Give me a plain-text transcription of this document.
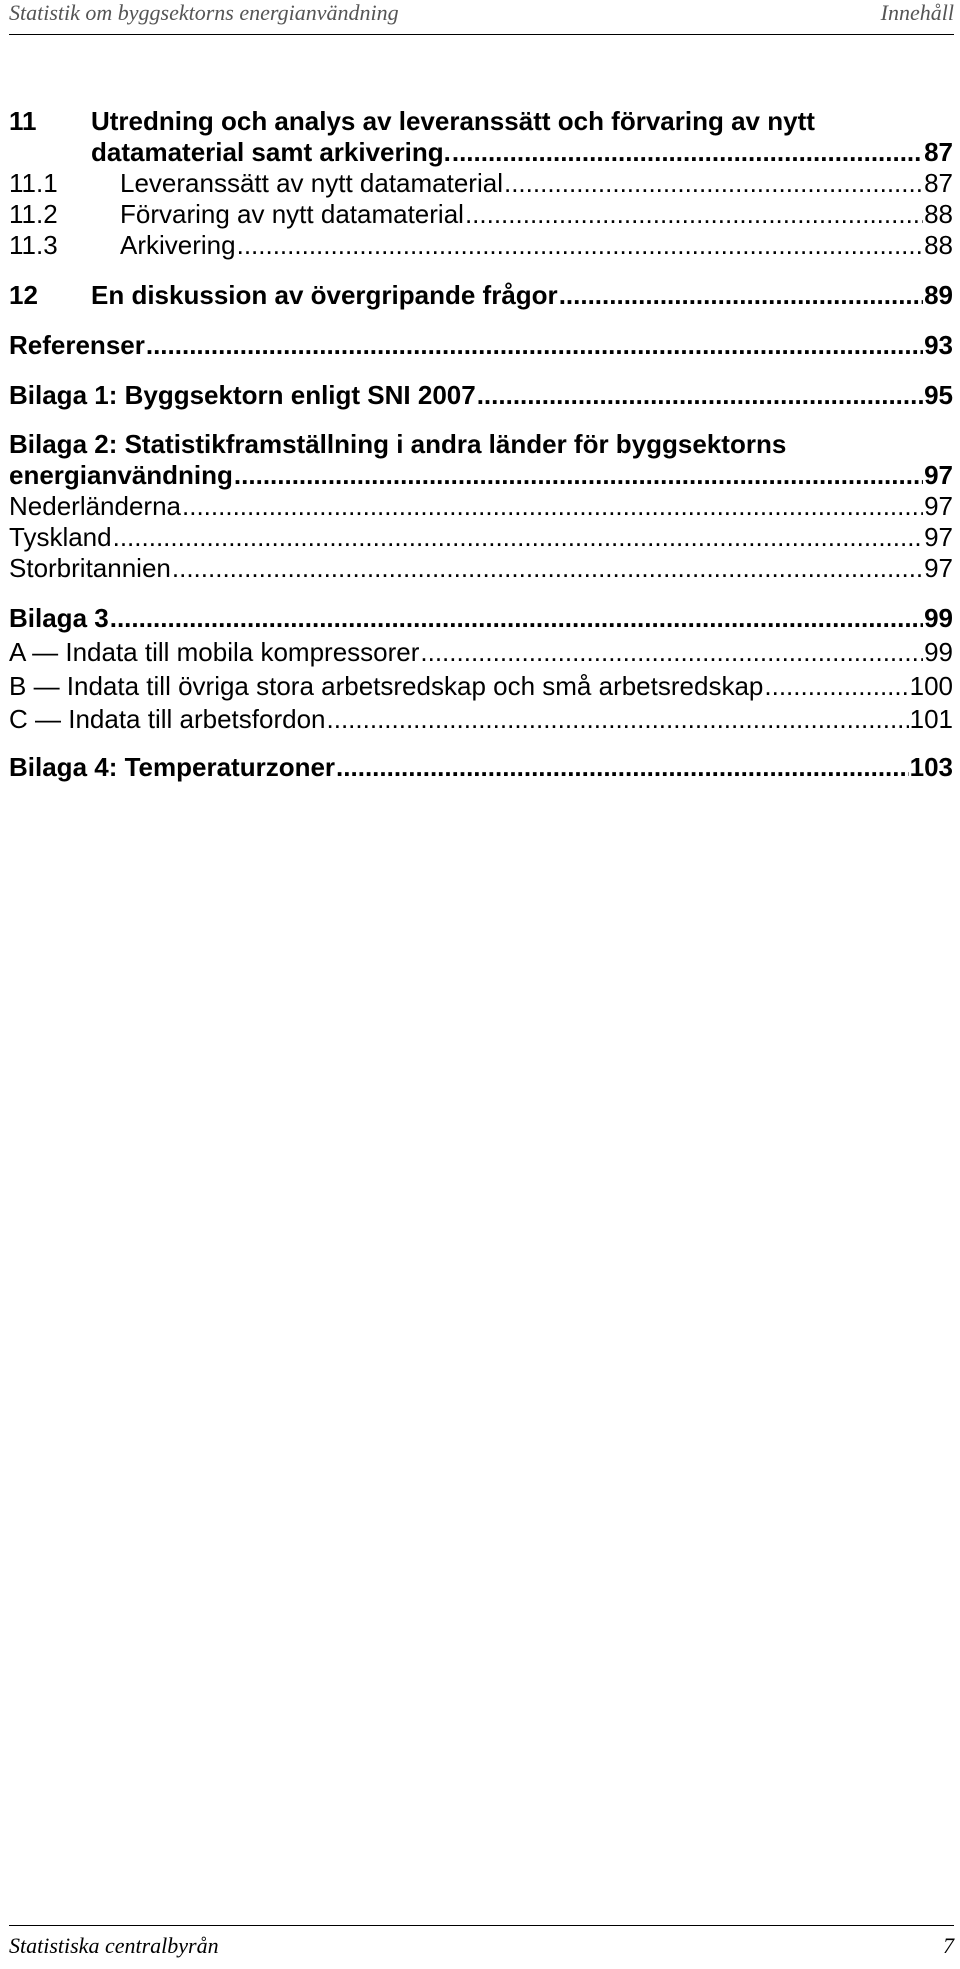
Statistik om byggsektorns energianvändning	Innehåll
11 Utredning och analys av leveranssätt och förvaring av nytt
datamaterial samt arkivering. .....	87
11.1	Leveranssätt av nytt datamaterial .....	87
11.2	Förvaring av nytt datamaterial .....	88
11.3	Arkivering .....	88
12	En diskussion av övergripande frågor .....	89
Referenser .....	93
Bilaga 1: Byggsektorn enligt SNI 2007 .....	95
Bilaga 2: Statistikframställning i andra länder för byggsektorns
energianvändning .....	97
Nederländerna .....	97
Tyskland .....	97
Storbritannien .....	97
Bilaga 3 .....	99
A — Indata till mobila kompressorer .....	99
B — Indata till övriga stora arbetsredskap och små arbetsredskap .....	100
C — Indata till arbetsfordon .....	101
Bilaga 4: Temperaturzoner .....	103
Statistiska centralbyrån	7
